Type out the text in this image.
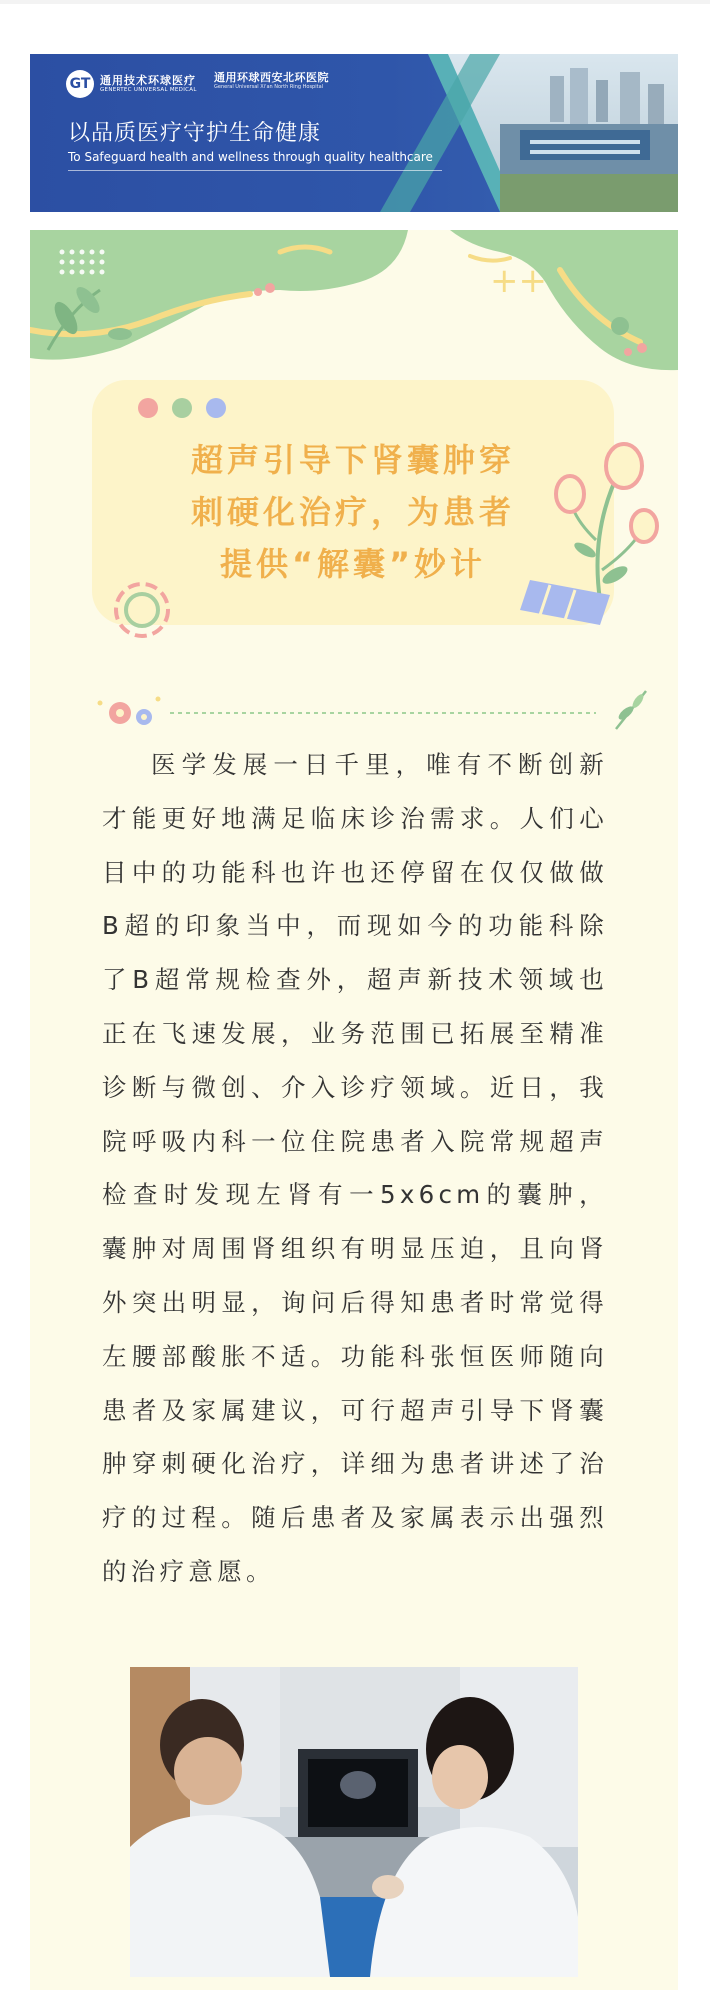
GT 通用技术环球医疗
GENERTEC UNIVERSAL MEDICAL
通用环球西安北环医院
General Universal Xi'an North Ring Hospital
以品质医疗守护生命健康
To Safeguard health and wellness through quality healthcare
++
超声引导下肾囊肿穿
刺硬化治疗，为患者
提供“解囊”妙计

医学发展一日千里，唯有不断创新才能更好地满足临床诊治需求。人们心目中的功能科也许也还停留在仅仅做做B超的印象当中，而现如今的功能科除了B超常规检查外，超声新技术领域也正在飞速发展，业务范围已拓展至精准诊断与微创、介入诊疗领域。近日，我院呼吸内科一位住院患者入院常规超声检查时发现左肾有一5x6cm的囊肿，囊肿对周围肾组织有明显压迫，且向肾外突出明显，询问后得知患者时常觉得左腰部酸胀不适。功能科张恒医师随向患者及家属建议，可行超声引导下肾囊肿穿刺硬化治疗，详细为患者讲述了治疗的过程。随后患者及家属表示出强烈的治疗意愿。
